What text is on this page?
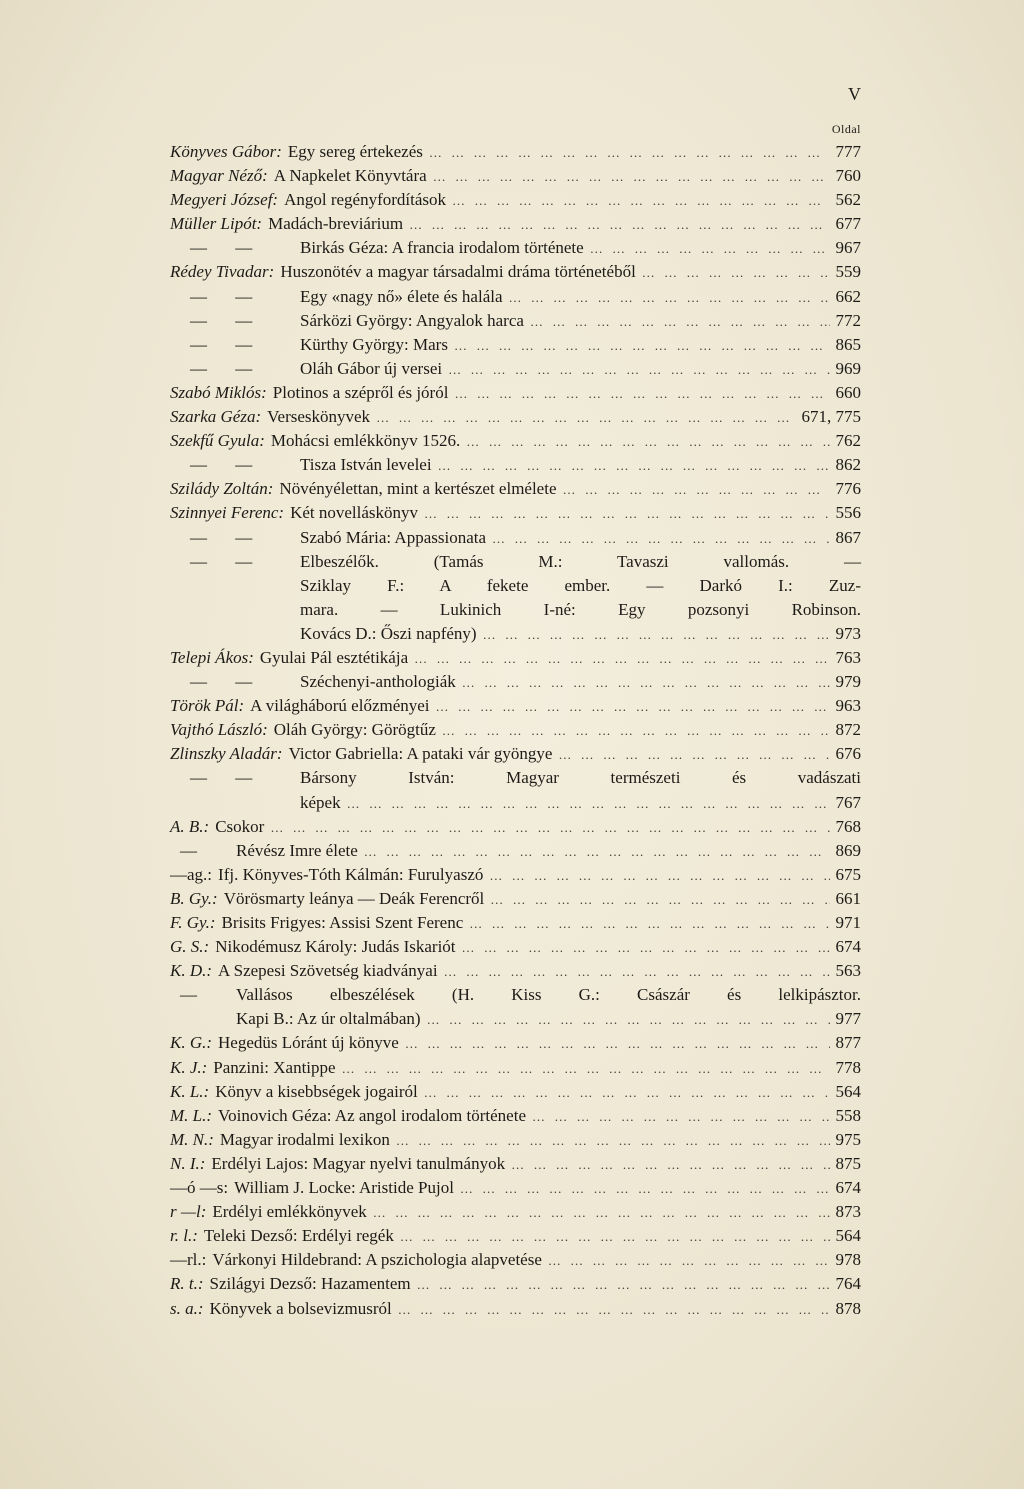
V
Oldal
Könyves Gábor: Egy sereg értekezés … … … … … … … … … … … … … … … … … … … … … … … … … … … … … … … … … … …	777
Magyar Néző: A Napkelet Könyvtára … … … … … … … … … … … … … … … … … … … … … … … … … … … … … … … … … … …	760
Megyeri József: Angol regényfordítások … … … … … … … … … … … … … … … … … … … … … … … … … … … … … … … … … … …	562
Müller Lipót: Madách-breviárium … … … … … … … … … … … … … … … … … … … … … … … … … … … … … … … … … … …	677
— —	Birkás Géza: A francia irodalom története … … … … … … … … … … … … … … … … … … … … … … … … … … … … … … … … … … …	967
Rédey Tivadar: Huszonötév a magyar társadalmi dráma történetéből … … … … … … … … … … … … … … … … … … … … … … … … … … … … … … … … … … …	559
— —	Egy «nagy nő» élete és halála … … … … … … … … … … … … … … … … … … … … … … … … … … … … … … … … … … …	662
— —	Sárközi György: Angyalok harca … … … … … … … … … … … … … … … … … … … … … … … … … … … … … … … … … … …	772
— —	Kürthy György: Mars … … … … … … … … … … … … … … … … … … … … … … … … … … … … … … … … … … …	865
— —	Oláh Gábor új versei … … … … … … … … … … … … … … … … … … … … … … … … … … … … … … … … … … …	969
Szabó Miklós: Plotinos a szépről és jóról … … … … … … … … … … … … … … … … … … … … … … … … … … … … … … … … … … …	660
Szarka Géza: Verseskönyvek … … … … … … … … … … … … … … … … … … … … … … … … … … … … … … … … … … …	671, 775
Szekfű Gyula: Mohácsi emlékkönyv 1526. … … … … … … … … … … … … … … … … … … … … … … … … … … … … … … … … … … …	762
— —	Tisza István levelei … … … … … … … … … … … … … … … … … … … … … … … … … … … … … … … … … … …	862
Sziládу Zoltán: Növényélettan, mint a kertészet elmélete … … … … … … … … … … … … … … … … … … … … … … … … … … … … … … … … … … …	776
Szinnyei Ferenc: Két novelláskönyv … … … … … … … … … … … … … … … … … … … … … … … … … … … … … … … … … … …	556
— —	Szabó Mária: Appassionata … … … … … … … … … … … … … … … … … … … … … … … … … … … … … … … … … … …	867
— —	Elbeszélők. (Tamás M.: Tavaszi vallomás. —
Sziklay F.: A fekete ember. — Darkó I.: Zuz-
mara. — Lukinich I-né: Egy pozsonyi Robinson.
Kovács D.: Őszi napfény) … … … … … … … … … … … … … … … … … … … … … … … … … … … … … … … … … … …	973
Telepi Ákos: Gyulai Pál esztétikája … … … … … … … … … … … … … … … … … … … … … … … … … … … … … … … … … … …	763
— —	Széchenyi-anthologiák … … … … … … … … … … … … … … … … … … … … … … … … … … … … … … … … … … …	979
Török Pál: A világháború előzményei … … … … … … … … … … … … … … … … … … … … … … … … … … … … … … … … … … …	963
Vajthó László: Oláh György: Görögtűz … … … … … … … … … … … … … … … … … … … … … … … … … … … … … … … … … … …	872
Zlinszky Aladár: Victor Gabriella: A pataki vár gyöngye … … … … … … … … … … … … … … … … … … … … … … … … … … … … … … … … … … …	676
— —	Bársony István: Magyar természeti és vadászati
képek … … … … … … … … … … … … … … … … … … … … … … … … … … … … … … … … … … …	767
A. B.: Csokor … … … … … … … … … … … … … … … … … … … … … … … … … … … … … … … … … … …	768
—	Révész Imre élete … … … … … … … … … … … … … … … … … … … … … … … … … … … … … … … … … … …	869
—ag.: Ifj. Könyves-Tóth Kálmán: Furulyaszó … … … … … … … … … … … … … … … … … … … … … … … … … … … … … … … … … … …	675
B. Gy.: Vörösmarty leánya — Deák Ferencről … … … … … … … … … … … … … … … … … … … … … … … … … … … … … … … … … … …	661
F. Gy.: Brisits Frigyes: Assisi Szent Ferenc … … … … … … … … … … … … … … … … … … … … … … … … … … … … … … … … … … …	971
G. S.: Nikodémusz Károly: Judás Iskariót … … … … … … … … … … … … … … … … … … … … … … … … … … … … … … … … … … …	674
K. D.: A Szepesi Szövetség kiadványai … … … … … … … … … … … … … … … … … … … … … … … … … … … … … … … … … … …	563
—	Vallásos elbeszélések (H. Kiss G.: Császár és lelkipásztor.
Kapi B.: Az úr oltalmában) … … … … … … … … … … … … … … … … … … … … … … … … … … … … … … … … … … …	977
K. G.: Hegedüs Lóránt új könyve … … … … … … … … … … … … … … … … … … … … … … … … … … … … … … … … … … …	877
K. J.: Panzini: Xantippe … … … … … … … … … … … … … … … … … … … … … … … … … … … … … … … … … … …	778
K. L.: Könyv a kisebbségek jogairól … … … … … … … … … … … … … … … … … … … … … … … … … … … … … … … … … … …	564
M. L.: Voinovich Géza: Az angol irodalom története … … … … … … … … … … … … … … … … … … … … … … … … … … … … … … … … … … …	558
M. N.: Magyar irodalmi lexikon … … … … … … … … … … … … … … … … … … … … … … … … … … … … … … … … … … …	975
N. I.: Erdélyi Lajos: Magyar nyelvi tanulmányok … … … … … … … … … … … … … … … … … … … … … … … … … … … … … … … … … … …	875
—ó —s: William J. Locke: Aristide Pujol … … … … … … … … … … … … … … … … … … … … … … … … … … … … … … … … … … …	674
r —l: Erdélyi emlékkönyvek … … … … … … … … … … … … … … … … … … … … … … … … … … … … … … … … … … …	873
r. l.: Teleki Dezső: Erdélyi regék … … … … … … … … … … … … … … … … … … … … … … … … … … … … … … … … … … …	564
—rl.: Várkonyi Hildebrand: A pszichologia alapvetése … … … … … … … … … … … … … … … … … … … … … … … … … … … … … … … … … … …	978
R. t.: Szilágyi Dezső: Hazamentem … … … … … … … … … … … … … … … … … … … … … … … … … … … … … … … … … … …	764
s. a.: Könyvek a bolsevizmusról … … … … … … … … … … … … … … … … … … … … … … … … … … … … … … … … … … …	878
